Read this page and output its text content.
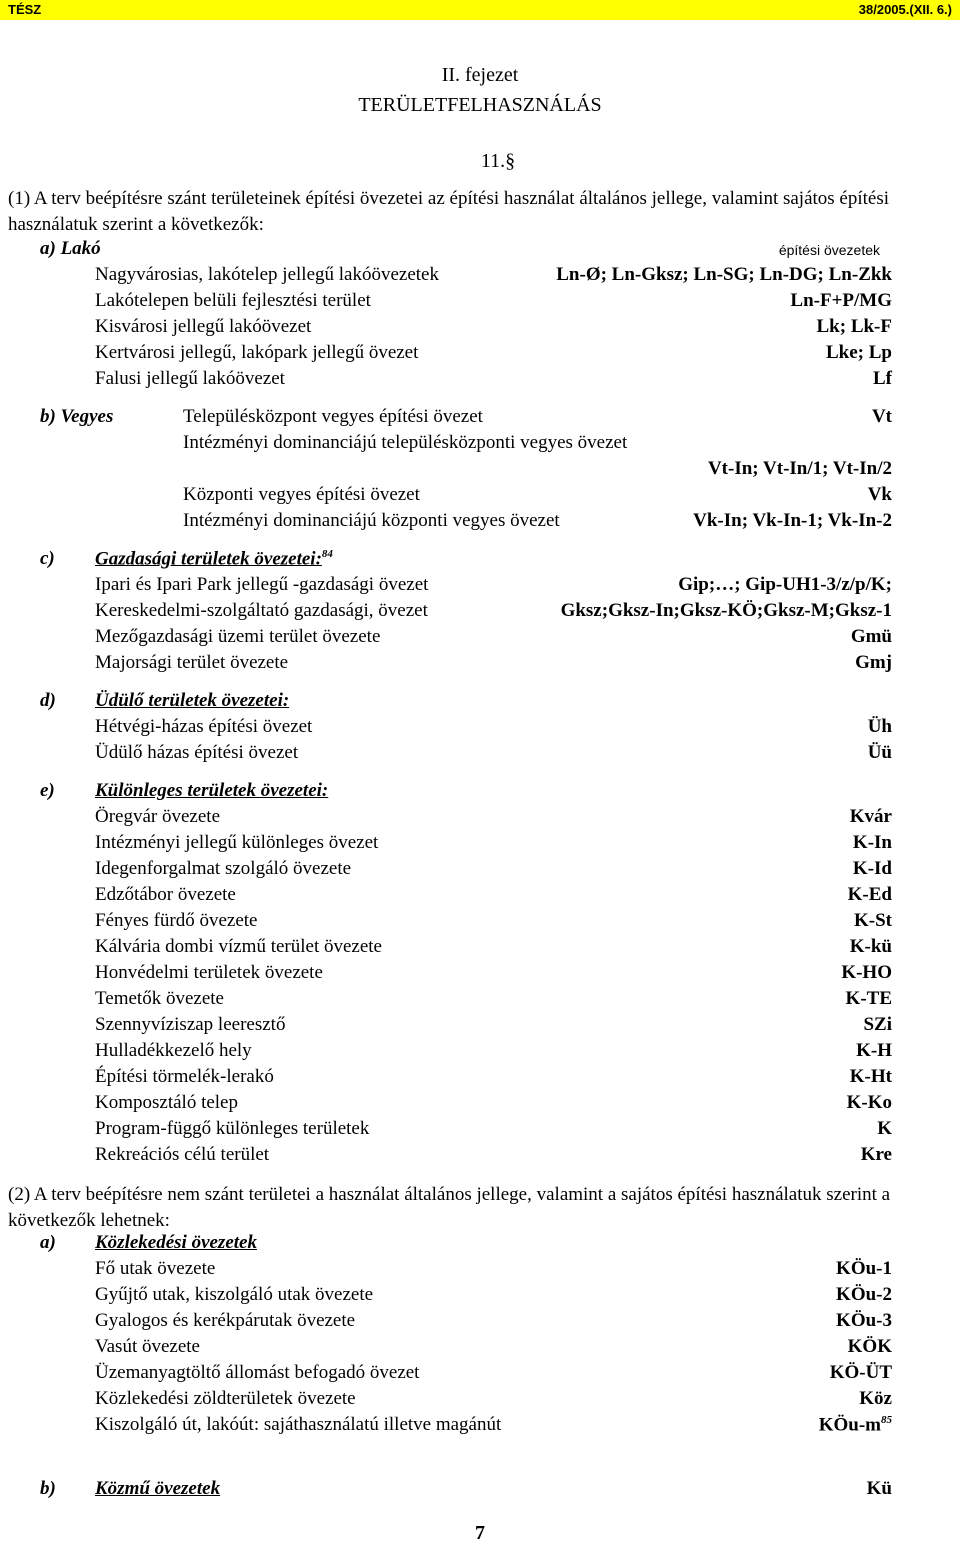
TÉSZ	38/2005.(XII. 6.)
II. fejezet
TERÜLETFELHASZNÁLÁS
11.§
(1) A terv beépítésre szánt területeinek építési övezetei az építési használat általános jellege, valamint sajátos építési használatuk szerint a következők:
a) Lakó	építési övezetek
Nagyvárosias, lakótelep jellegű lakóövezetek	Ln-Ø; Ln-Gksz; Ln-SG; Ln-DG; Ln-Zkk
Lakótelepen belüli fejlesztési terület	Ln-F+P/MG
Kisvárosi jellegű lakóövezet	Lk; Lk-F
Kertvárosi jellegű, lakópark jellegű övezet	Lke; Lp
Falusi jellegű lakóövezet	Lf
b) Vegyes	Településközpont vegyes építési övezet	Vt
Intézményi dominanciájú településközponti vegyes övezet
Vt-In; Vt-In/1; Vt-In/2
Központi vegyes építési övezet	Vk
Intézményi dominanciájú központi vegyes övezet	Vk-In; Vk-In-1; Vk-In-2
c) Gazdasági területek övezetei:$^{84}$
Ipari és Ipari Park jellegű -gazdasági övezet	Gip;…; Gip-UH1-3/z/p/K;
Kereskedelmi-szolgáltató gazdasági, övezet	Gksz;Gksz-In;Gksz-KÖ;Gksz-M;Gksz-1
Mezőgazdasági üzemi terület övezete	Gmü
Majorsági terület övezete	Gmj
d) Üdülő területek övezetei:
Hétvégi-házas építési övezet	Üh
Üdülő házas építési övezet	Üü
e) Különleges területek övezetei:
Öregvár övezete	Kvár
Intézményi jellegű különleges övezet	K-In
Idegenforgalmat szolgáló övezete	K-Id
Edzőtábor övezete	K-Ed
Fényes fürdő övezete	K-St
Kálvária dombi vízmű terület övezete	K-kü
Honvédelmi területek övezete	K-HO
Temetők övezete	K-TE
Szennyvíziszap leeresztő	SZi
Hulladékkezelő hely	K-H
Építési törmelék-lerakó	K-Ht
Komposztáló telep	K-Ko
Program-függő különleges területek	K
Rekreációs célú terület	Kre
a) Közlekedési övezetek
Fő utak övezete	KÖu-1
Gyűjtő utak, kiszolgáló utak övezete	KÖu-2
Gyalogos és kerékpárutak övezete	KÖu-3
Vasút övezete	KÖK
Üzemanyagtöltő állomást befogadó övezet	KÖ-ÜT
Közlekedési zöldterületek övezete	Köz
Kiszolgáló út, lakóút: sajáthasználatú illetve magánút	KÖu-$m^{85}$
b) Közmű övezetek	Kü
(2) A terv beépítésre nem szánt területei a használat általános jellege, valamint a sajátos építési használatuk szerint a következők lehetnek:
7
